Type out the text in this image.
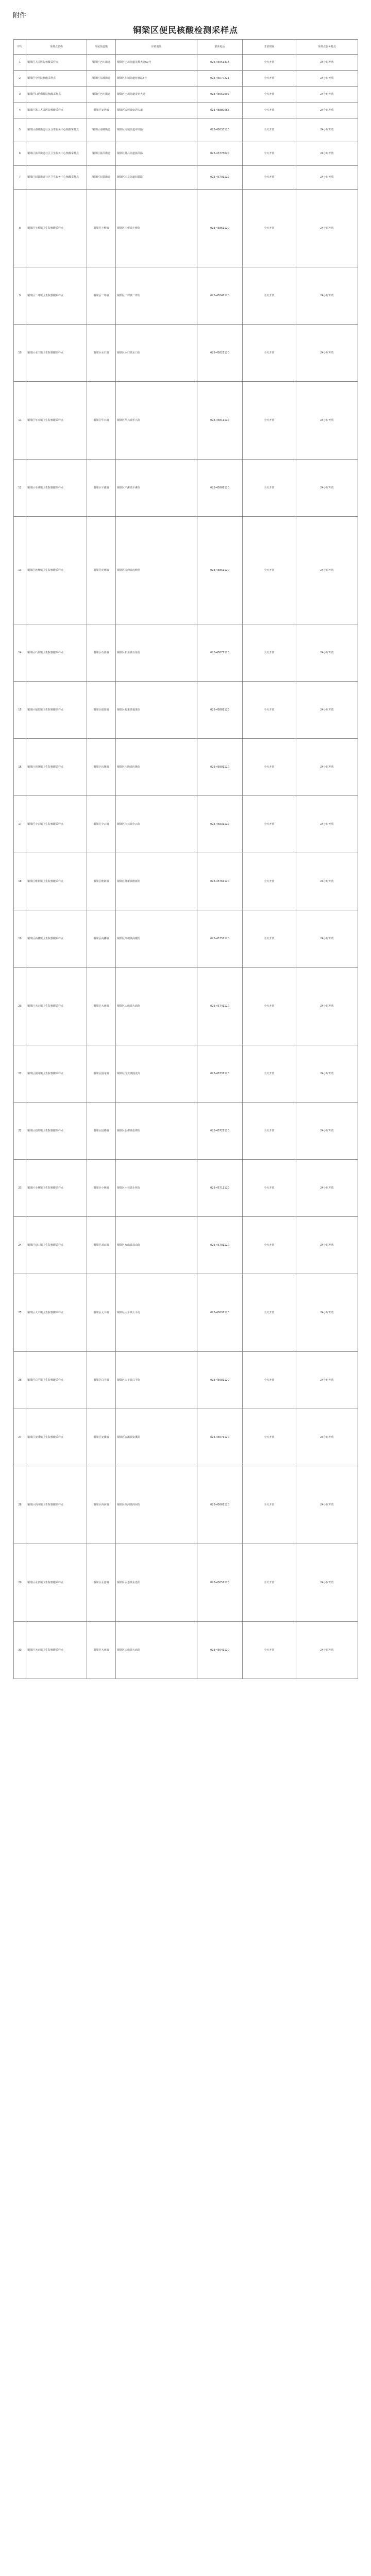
附件
铜梁区便民核酸检测采样点
序号	采样点名称	所属街道镇	详细地址	联系电话	开放时间	采样点服务特点
1	铜梁区人民医院核酸采样点	铜梁区巴川街道	铜梁区巴川街道龙都大道60号	023-45651316	全天开放	24小时开放
2	铜梁区中医院核酸采样点	铜梁区东城街道	铜梁区东城街道营盘路6号	023-45677221	全天开放	24小时开放
3	铜梁区妇幼保健院核酸采样点	铜梁区巴川街道	铜梁区巴川街道金龙大道	023-45652002	全天开放	24小时开放
4	铜梁区第三人民医院核酸采样点	铜梁区安居镇	铜梁区安居镇安居大道	023-45880065	全天开放	24小时开放
5	铜梁区南城街道社区卫生服务中心核酸采样点	铜梁区南城街道	铜梁区南城街道中兴路	023-45633120	全天开放	24小时开放
6	铜梁区蒲吕街道社区卫生服务中心核酸采样点	铜梁区蒲吕街道	铜梁区蒲吕街道蒲吕路	023-45778020	全天开放	24小时开放
7	铜梁区旧县街道社区卫生服务中心核酸采样点	铜梁区旧县街道	铜梁区旧县街道旧县路	023-45791120	全天开放	24小时开放
8	铜梁区土桥镇卫生院核酸采样点	铜梁区土桥镇	铜梁区土桥镇土桥街	023-45861120	全天开放	24小时开放
9	铜梁区二坪镇卫生院核酸采样点	铜梁区二坪镇	铜梁区二坪镇二坪街	023-45841120	全天开放	24小时开放
10	铜梁区水口镇卫生院核酸采样点	铜梁区水口镇	铜梁区水口镇水口街	023-45821120	全天开放	24小时开放
11	铜梁区华兴镇卫生院核酸采样点	铜梁区华兴镇	铜梁区华兴镇华兴街	023-45811120	全天开放	24小时开放
12	铜梁区平滩镇卫生院核酸采样点	铜梁区平滩镇	铜梁区平滩镇平滩街	023-45801120	全天开放	24小时开放
13	铜梁区虎峰镇卫生院核酸采样点	铜梁区虎峰镇	铜梁区虎峰镇虎峰街	023-45851120	全天开放	24小时开放
14	铜梁区石鱼镇卫生院核酸采样点	铜梁区石鱼镇	铜梁区石鱼镇石鱼街	023-45871120	全天开放	24小时开放
15	铜梁区福果镇卫生院核酸采样点	铜梁区福果镇	铜梁区福果镇福果街	023-45881120	全天开放	24小时开放
16	铜梁区庆隆镇卫生院核酸采样点	铜梁区庆隆镇	铜梁区庆隆镇庆隆街	023-45891120	全天开放	24小时开放
17	铜梁区少云镇卫生院核酸采样点	铜梁区少云镇	铜梁区少云镇少云街	023-45831120	全天开放	24小时开放
18	铜梁区维新镇卫生院核酸采样点	铜梁区维新镇	铜梁区维新镇维新街	023-45761120	全天开放	24小时开放
19	铜梁区高楼镇卫生院核酸采样点	铜梁区高楼镇	铜梁区高楼镇高楼街	023-45751120	全天开放	24小时开放
20	铜梁区大庙镇卫生院核酸采样点	铜梁区大庙镇	铜梁区大庙镇大庙街	023-45741120	全天开放	24小时开放
21	铜梁区围龙镇卫生院核酸采样点	铜梁区围龙镇	铜梁区围龙镇围龙街	023-45731120	全天开放	24小时开放
22	铜梁区侣俸镇卫生院核酸采样点	铜梁区侣俸镇	铜梁区侣俸镇侣俸街	023-45721120	全天开放	24小时开放
23	铜梁区小林镇卫生院核酸采样点	铜梁区小林镇	铜梁区小林镇小林街	023-45711120	全天开放	24小时开放
24	铜梁区双山镇卫生院核酸采样点	铜梁区双山镇	铜梁区双山镇双山街	023-45701120	全天开放	24小时开放
25	铜梁区太平镇卫生院核酸采样点	铜梁区太平镇	铜梁区太平镇太平街	023-45691120	全天开放	24小时开放
26	铜梁区白羊镇卫生院核酸采样点	铜梁区白羊镇	铜梁区白羊镇白羊街	023-45681120	全天开放	24小时开放
27	铜梁区安溪镇卫生院核酸采样点	铜梁区安溪镇	铜梁区安溪镇安溪街	023-45671120	全天开放	24小时开放
28	铜梁区西河镇卫生院核酸采样点	铜梁区西河镇	铜梁区西河镇西河街	023-45661120	全天开放	24小时开放
29	铜梁区永嘉镇卫生院核酸采样点	铜梁区永嘉镇	铜梁区永嘉镇永嘉街	023-45651120	全天开放	24小时开放
30	铜梁区大庙镇卫生院核酸采样点	铜梁区大庙镇	铜梁区大庙镇大庙街	023-45641120	全天开放	24小时开放
